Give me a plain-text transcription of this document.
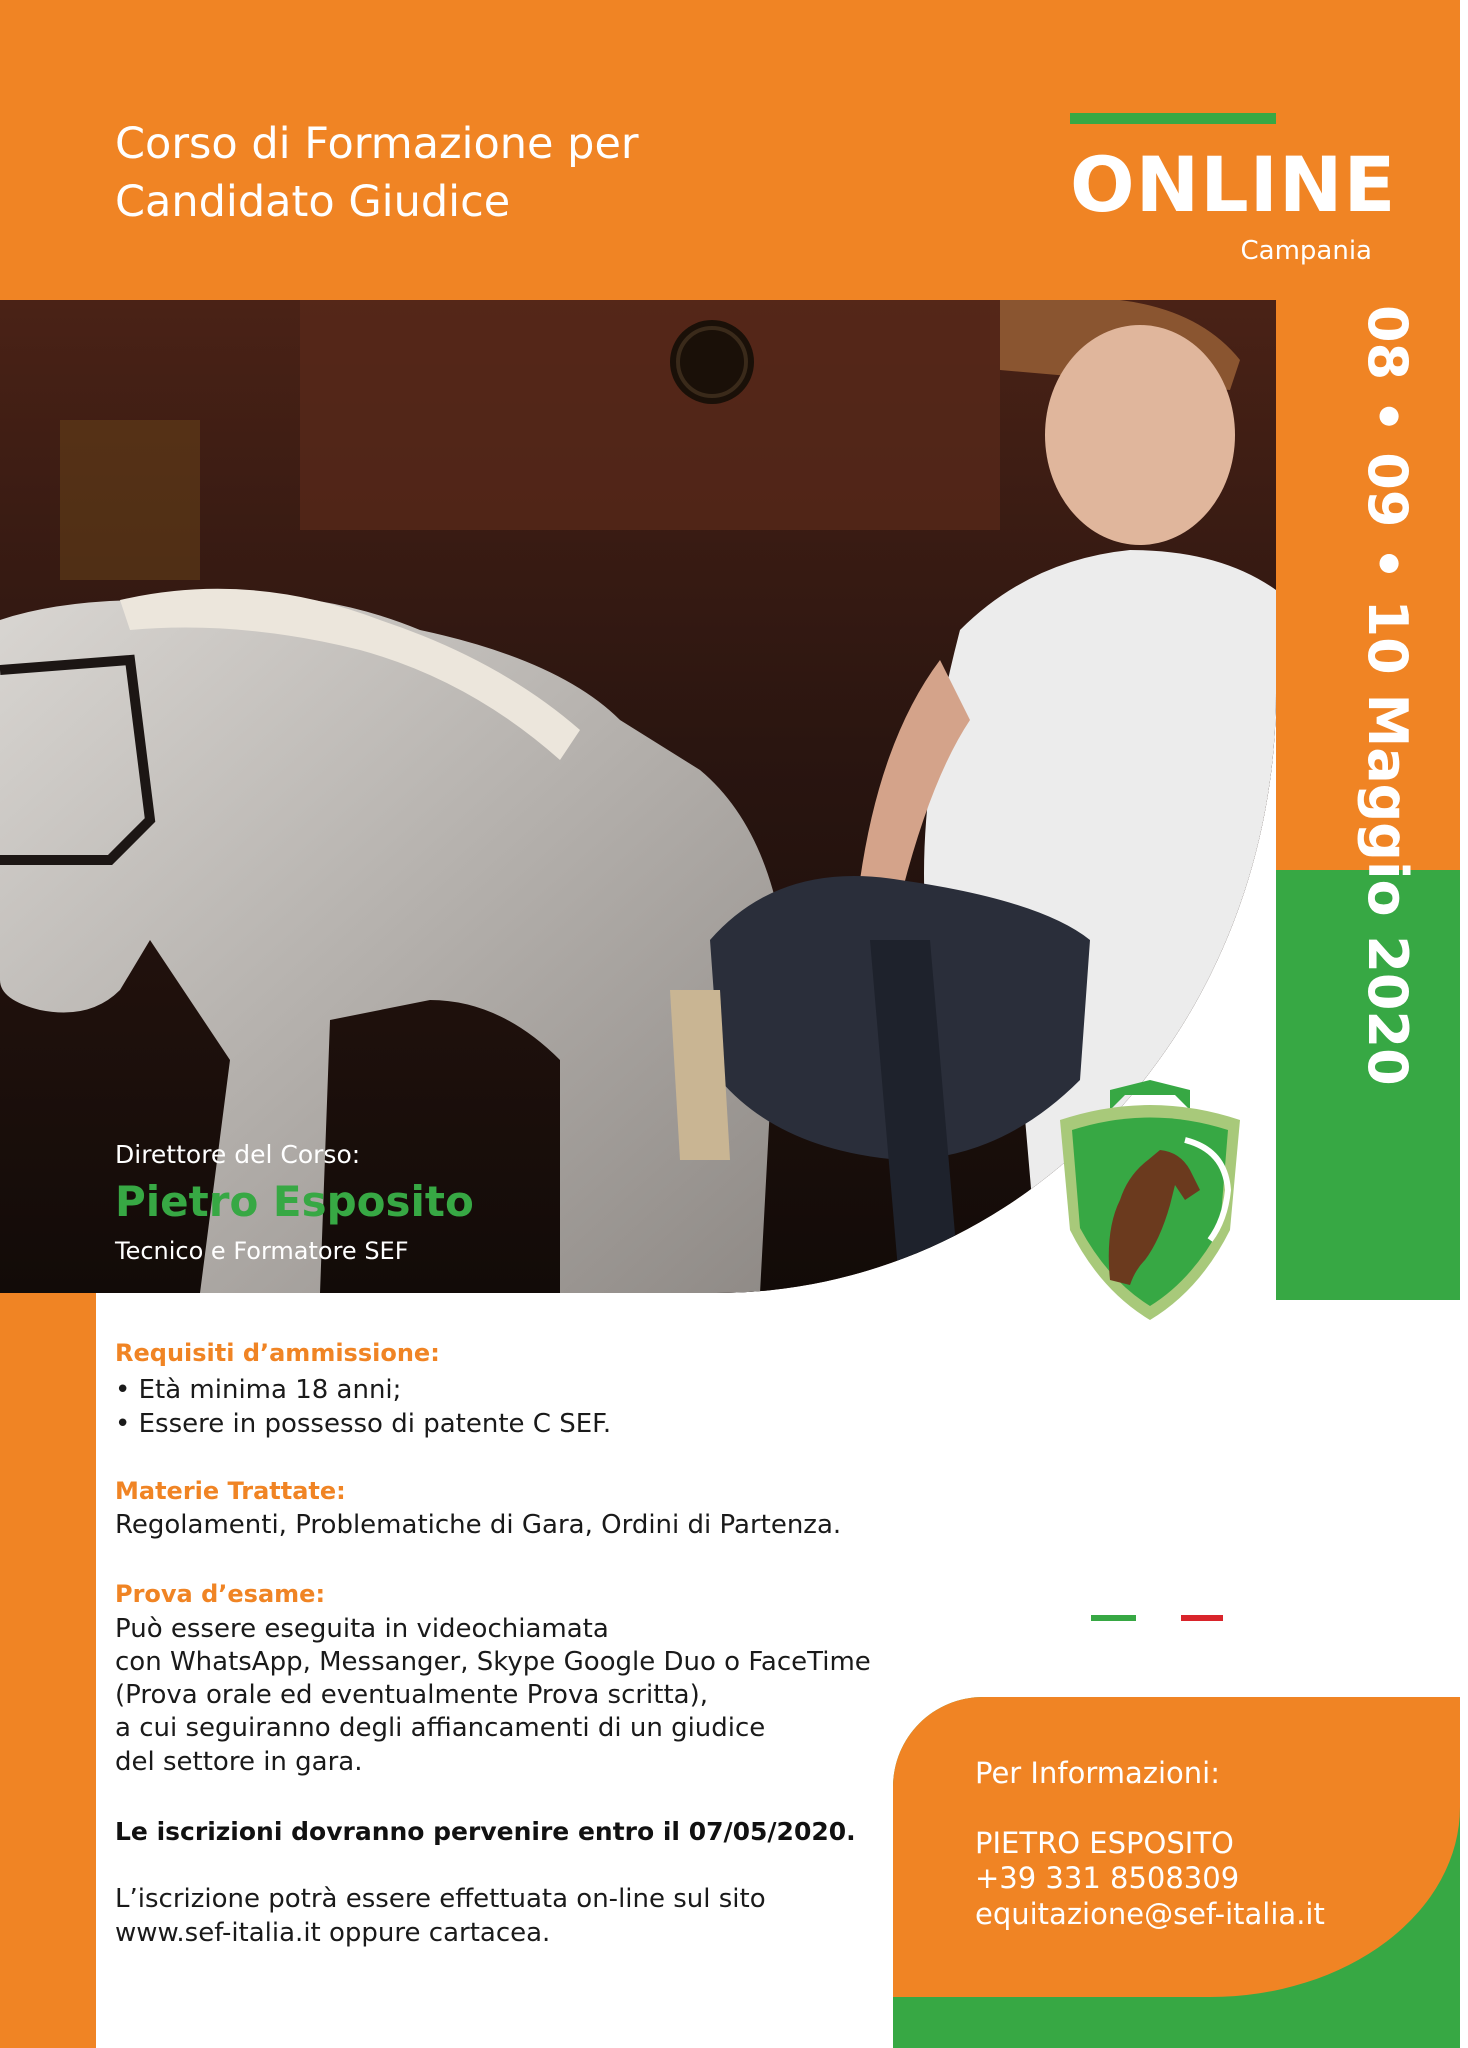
Corso di Formazione per
Candidato Giudice	ONLINE
Campania
08 • 09 • 10 Maggio 2020
Direttore del Corso:
Pietro Esposito
Tecnico e Formatore SEF
Requisiti d’ammissione:
• Età minima 18 anni;
• Essere in possesso di patente C SEF.
Materie Trattate:
Regolamenti, Problematiche di Gara, Ordini di Partenza.
Prova d’esame:
Può essere eseguita in videochiamata
con WhatsApp, Messanger, Skype Google Duo o FaceTime
(Prova orale ed eventualmente Prova scritta),
a cui seguiranno degli affiancamenti di un giudice
del settore in gara.
Le iscrizioni dovranno pervenire entro il 07/05/2020.
L’iscrizione potrà essere effettuata on-line sul sito
www.sef-italia.it oppure cartacea.
Per Informazioni:
PIETRO ESPOSITO
+39 331 8508309
equitazione@sef-italia.it
